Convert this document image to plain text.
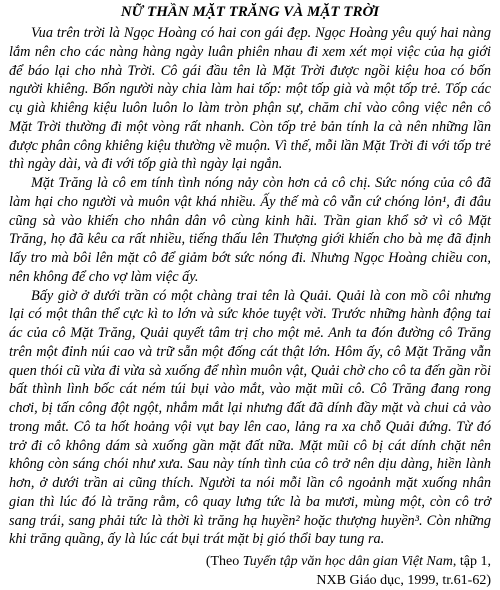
NỮ THẦN MẶT TRĂNG VÀ MẶT TRỜI

Vua trên trời là Ngọc Hoàng có hai con gái đẹp. Ngọc Hoàng yêu quý hai nàng lắm nên cho các nàng hàng ngày luân phiên nhau đi xem xét mọi việc của hạ giới để báo lại cho nhà Trời. Cô gái đầu tên là Mặt Trời được ngồi kiệu hoa có bốn người khiêng. Bốn người này chia làm hai tốp: một tốp già và một tốp trẻ. Tốp các cụ già khiêng kiệu luôn luôn lo làm tròn phận sự, chăm chỉ vào công việc nên cô Mặt Trời thường đi một vòng rất nhanh. Còn tốp trẻ bản tính la cà nên những lần được phân công khiêng kiệu thường về muộn. Vì thế, mỗi lần Mặt Trời đi với tốp trẻ thì ngày dài, và đi với tốp già thì ngày lại ngắn.

Mặt Trăng là cô em tính tình nóng nảy còn hơn cả cô chị. Sức nóng của cô đã làm hại cho người và muôn vật khá nhiều. Ấy thế mà cô vẫn cứ chóng lỏn¹, đi đâu cũng sà vào khiến cho nhân dân vô cùng kinh hãi. Trần gian khổ sở vì cô Mặt Trăng, họ đã kêu ca rất nhiều, tiếng thấu lên Thượng giới khiến cho bà mẹ đã định lấy tro mà bôi lên mặt cô để giảm bớt sức nóng đi. Nhưng Ngọc Hoàng chiều con, nên không để cho vợ làm việc ấy.

Bấy giờ ở dưới trần có một chàng trai tên là Quải. Quải là con mồ côi nhưng lại có một thân thể cực kì to lớn và sức khỏe tuyệt vời. Trước những hành động tai ác của cô Mặt Trăng, Quải quyết tâm trị cho một mẻ. Anh ta đón đường cô Trăng trên một đỉnh núi cao và trữ sẵn một đống cát thật lớn. Hôm ấy, cô Mặt Trăng vẫn quen thói cũ vừa đi vừa sà xuống để nhìn muôn vật, Quải chờ cho cô ta đến gần rồi bất thình lình bốc cát ném túi bụi vào mắt, vào mặt mũi cô. Cô Trăng đang rong chơi, bị tấn công đột ngột, nhắm mắt lại nhưng đất đã dính đầy mặt và chui cả vào trong mắt. Cô ta hốt hoảng vội vụt bay lên cao, lảng ra xa chỗ Quải đứng. Từ đó trở đi cô không dám sà xuống gần mặt đất nữa. Mặt mũi cô bị cát dính chặt nên không còn sáng chói như xưa. Sau này tính tình của cô trở nên dịu dàng, hiền lành hơn, ở dưới trần ai cũng thích. Người ta nói mỗi lần cô ngoảnh mặt xuống nhân gian thì lúc đó là trăng rằm, cô quay lưng tức là ba mươi, mùng một, còn cô trở sang trái, sang phải tức là thời kì trăng hạ huyền² hoặc thượng huyền³. Còn những khi trăng quầng, ấy là lúc cát bụi trát mặt bị gió thổi bay tung ra.

(Theo Tuyển tập văn học dân gian Việt Nam, tập 1,
NXB Giáo dục, 1999, tr.61-62)
